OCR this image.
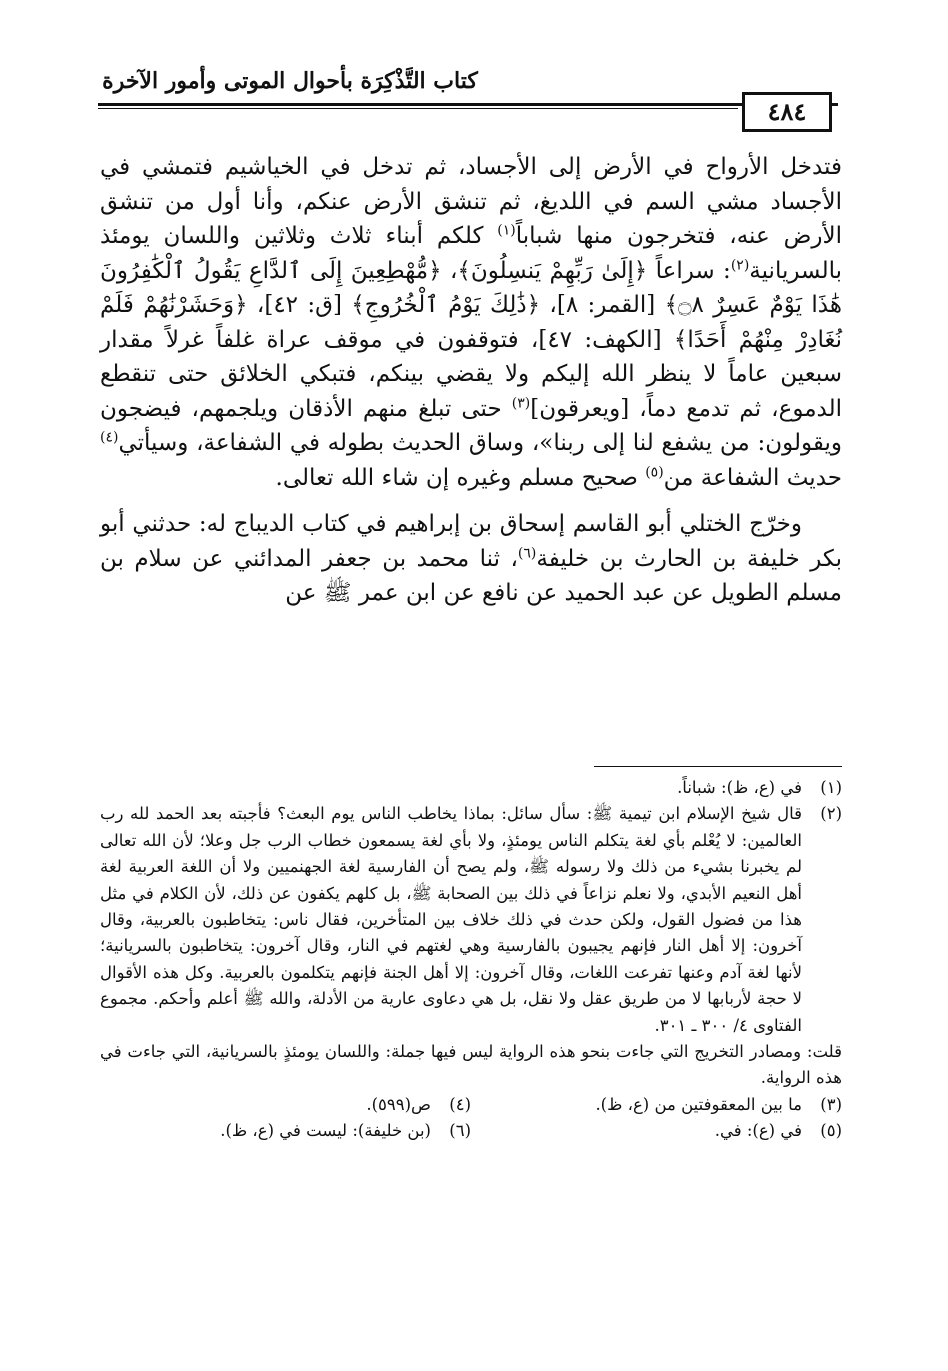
كتاب التَّذْكِرَة بأحوال الموتى وأمور الآخرة
٤٨٤

فتدخل الأرواح في الأرض إلى الأجساد، ثم تدخل في الخياشيم فتمشي في الأجساد مشي السم في اللديغ، ثم تنشق الأرض عنكم، وأنا أول من تنشق الأرض عنه، فتخرجون منها شباباً$^{(١)}$ كلكم أبناء ثلاث وثلاثين واللسان يومئذ بالسريانية$^{(٢)}$: سراعاً ﴿إِلَىٰ رَبِّهِمْ يَنسِلُونَ﴾، ﴿مُّهْطِعِينَ إِلَى ٱلدَّاعِ يَقُولُ ٱلْكَٰفِرُونَ هَٰذَا يَوْمٌ عَسِرٌ ۝٨﴾ [القمر: ٨]، ﴿ذَٰلِكَ يَوْمُ ٱلْخُرُوجِ﴾ [ق: ٤٢]، ﴿وَحَشَرْنَٰهُمْ فَلَمْ نُغَادِرْ مِنْهُمْ أَحَدًا﴾ [الكهف: ٤٧]، فتوقفون في موقف عراة غلفاً غرلاً مقدار سبعين عاماً لا ينظر الله إليكم ولا يقضي بينكم، فتبكي الخلائق حتى تنقطع الدموع، ثم تدمع دماً، [ويعرقون]$^{(٣)}$ حتى تبلغ منهم الأذقان ويلجمهم، فيضجون ويقولون: من يشفع لنا إلى ربنا»، وساق الحديث بطوله في الشفاعة، وسيأتي$^{(٤)}$ حديث الشفاعة من$^{(٥)}$ صحيح مسلم وغيره إن شاء الله تعالى.

وخرّج الختلي أبو القاسم إسحاق بن إبراهيم في كتاب الديباج له: حدثني أبو بكر خليفة بن الحارث بن خليفة$^{(٦)}$، ثنا محمد بن جعفر المدائني عن سلام بن مسلم الطويل عن عبد الحميد عن نافع عن ابن عمر ﷺ عن

(١)
في (ع، ظ): شباناً.
(٢)
قال شيخ الإسلام ابن تيمية ﷺ: سأل سائل: بماذا يخاطب الناس يوم البعث؟ فأجبته بعد الحمد لله رب العالمين: لا يُعْلم بأي لغة يتكلم الناس يومئذٍ، ولا بأي لغة يسمعون خطاب الرب جل وعلا؛ لأن الله تعالى لم يخبرنا بشيء من ذلك ولا رسوله ﷺ، ولم يصح أن الفارسية لغة الجهنميين ولا أن اللغة العربية لغة أهل النعيم الأبدي، ولا نعلم نزاعاً في ذلك بين الصحابة ﷺ، بل كلهم يكفون عن ذلك، لأن الكلام في مثل هذا من فضول القول، ولكن حدث في ذلك خلاف بين المتأخرين، فقال ناس: يتخاطبون بالعربية، وقال آخرون: إلا أهل النار فإنهم يجيبون بالفارسية وهي لغتهم في النار، وقال آخرون: يتخاطبون بالسريانية؛ لأنها لغة آدم وعنها تفرعت اللغات، وقال آخرون: إلا أهل الجنة فإنهم يتكلمون بالعربية. وكل هذه الأقوال لا حجة لأربابها لا من طريق عقل ولا نقل، بل هي دعاوى عارية من الأدلة، والله ﷺ أعلم وأحكم. مجموع الفتاوى ٤/ ٣٠٠ ـ ٣٠١.

قلت: ومصادر التخريج التي جاءت بنحو هذه الرواية ليس فيها جملة: واللسان يومئذٍ بالسريانية، التي جاءت في هذه الرواية.

(٣)
ما بين المعقوفتين من (ع، ظ).
(٤)
ص(٥٩٩).
(٥)
في (ع): في.
(٦)
(بن خليفة): ليست في (ع، ظ).
